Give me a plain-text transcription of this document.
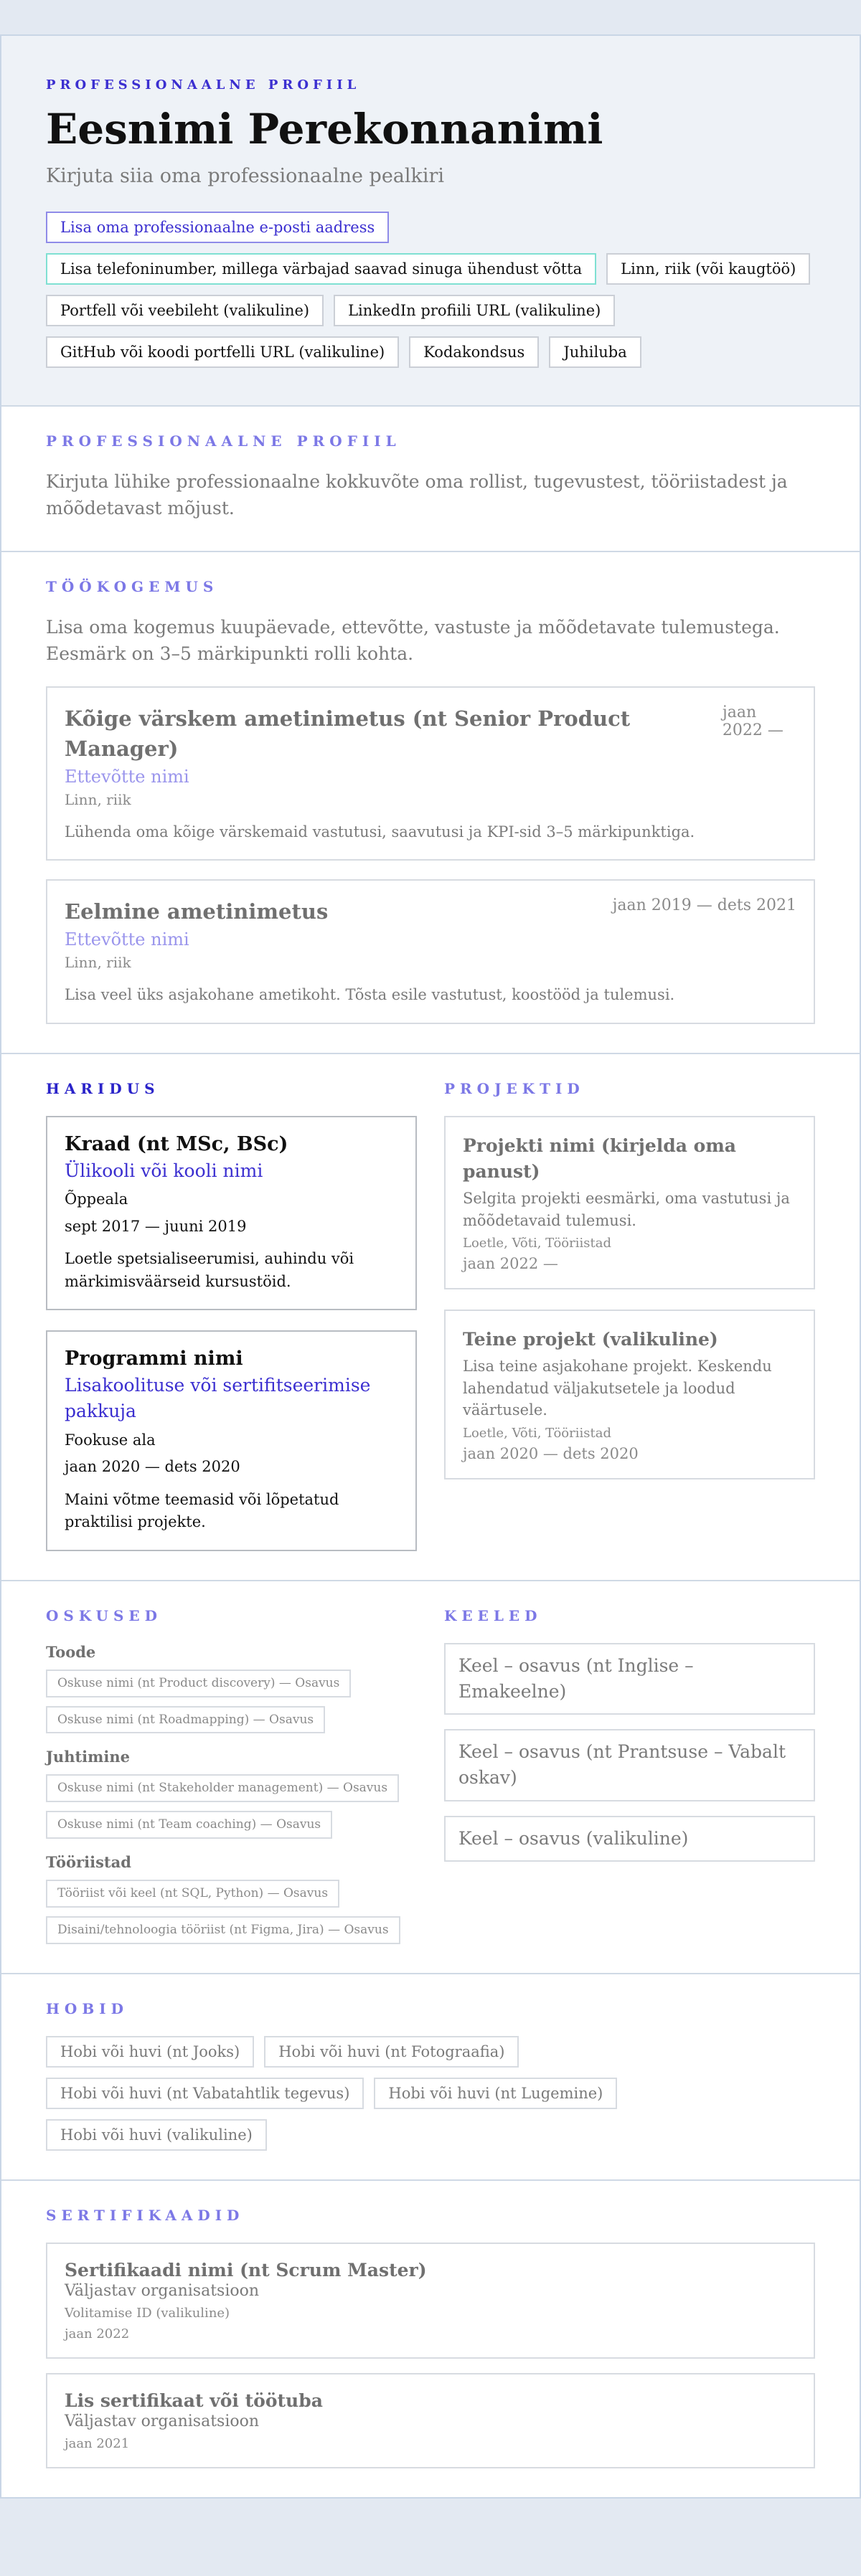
PROFESSIONAALNE PROFIIL
Eesnimi Perekonnanimi
Kirjuta siia oma professionaalne pealkiri
Lisa oma professionaalne e-posti aadress
Lisa telefoninumber, millega värbajad saavad sinuga ühendust võtta	Linn, riik (või kaugtöö)
Portfell või veebileht (valikuline)	LinkedIn profiili URL (valikuline)
GitHub või koodi portfelli URL (valikuline)	Kodakondsus	Juhiluba
PROFESSIONAALNE PROFIIL
Kirjuta lühike professionaalne kokkuvõte oma rollist, tugevustest, tööriistadest ja mõõdetavast mõjust.
TÖÖKOGEMUS
Lisa oma kogemus kuupäevade, ettevõtte, vastuste ja mõõdetavate tulemustega. Eesmärk on 3–5 märkipunkti rolli kohta.
Kõige värskem ametinimetus (nt Senior Product Manager)
jaan 2022 —
Ettevõtte nimi
Linn, riik
Lühenda oma kõige värskemaid vastutusi, saavutusi ja KPI-sid 3–5 märkipunktiga.
Eelmine ametinimetus	jaan 2019 — dets 2021
Ettevõtte nimi
Linn, riik
Lisa veel üks asjakohane ametikoht. Tõsta esile vastutust, koostööd ja tulemusi.
HARIDUS
Kraad (nt MSc, BSc)
Ülikooli või kooli nimi
Õppeala
sept 2017 — juuni 2019
Loetle spetsialiseerumisi, auhindu või märkimisväärseid kursustöid.
Programmi nimi
Lisakoolituse või sertifitseerimise pakkuja
Fookuse ala
jaan 2020 — dets 2020
Maini võtme teemasid või lõpetatud praktilisi projekte.
PROJEKTID
Projekti nimi (kirjelda oma panust)
Selgita projekti eesmärki, oma vastutusi ja mõõdetavaid tulemusi.
Loetle, Võti, Tööriistad
jaan 2022 —
Teine projekt (valikuline)
Lisa teine asjakohane projekt. Keskendu lahendatud väljakutsetele ja loodud väärtusele.
Loetle, Võti, Tööriistad
jaan 2020 — dets 2020
OSKUSED
Toode
Oskuse nimi (nt Product discovery) — Osavus
Oskuse nimi (nt Roadmapping) — Osavus
Juhtimine
Oskuse nimi (nt Stakeholder management) — Osavus
Oskuse nimi (nt Team coaching) — Osavus
Tööriistad
Tööriist või keel (nt SQL, Python) — Osavus
Disaini/tehnoloogia tööriist (nt Figma, Jira) — Osavus
KEELED
Keel – osavus (nt Inglise – Emakeelne)
Keel – osavus (nt Prantsuse – Vabalt oskav)
Keel – osavus (valikuline)
HOBID
Hobi või huvi (nt Jooks)	Hobi või huvi (nt Fotograafia)
Hobi või huvi (nt Vabatahtlik tegevus)	Hobi või huvi (nt Lugemine)
Hobi või huvi (valikuline)
SERTIFIKAADID
Sertifikaadi nimi (nt Scrum Master)
Väljastav organisatsioon
Volitamise ID (valikuline)
jaan 2022
Lis sertifikaat või töötuba
Väljastav organisatsioon
jaan 2021
